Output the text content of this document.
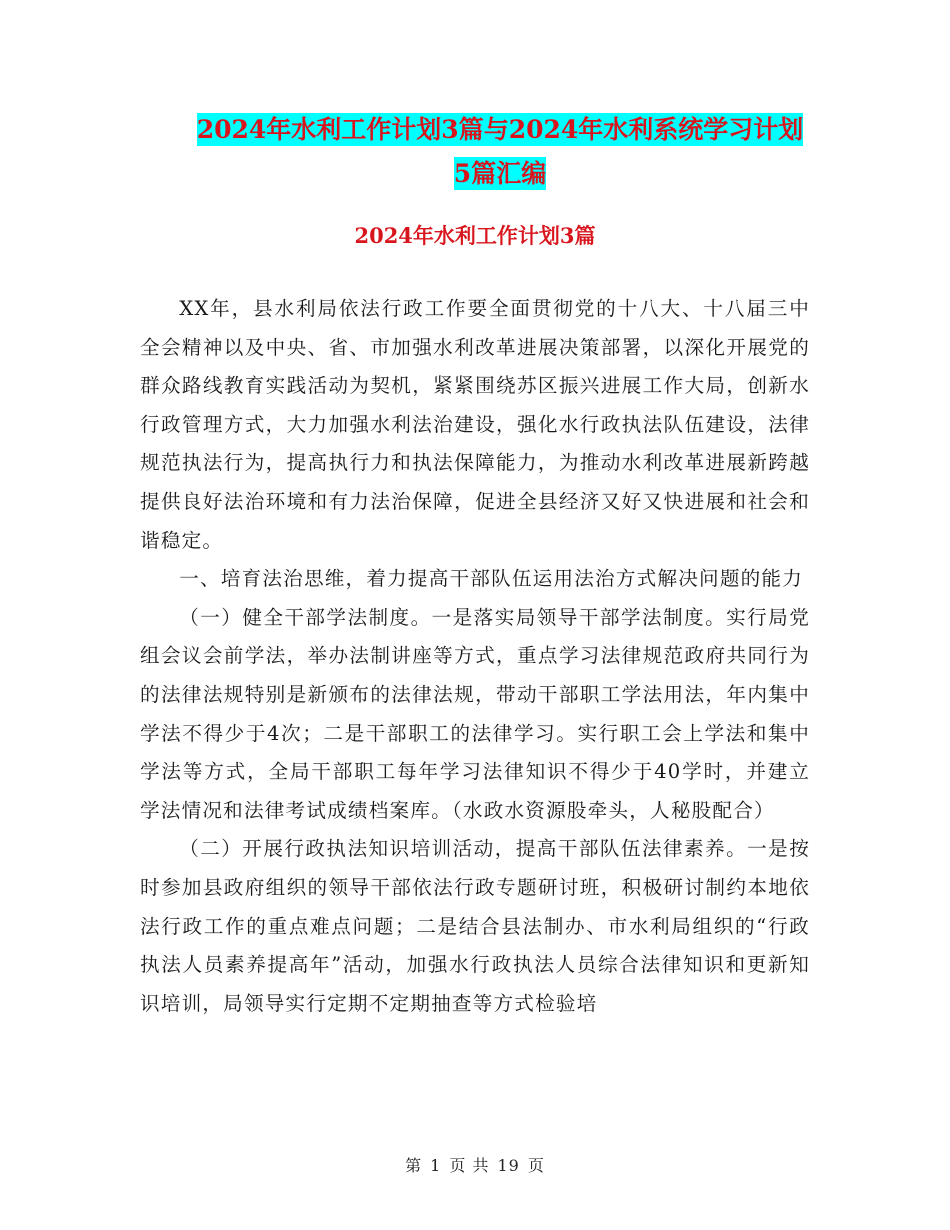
2024年水利工作计划3篇与2024年水利系统学习计划
5篇汇编
2024年水利工作计划3篇

XX年，县水利局依法行政工作要全面贯彻党的十八大、十八届三中全会精神以及中央、省、市加强水利改革进展决策部署，以深化开展党的群众路线教育实践活动为契机，紧紧围绕苏区振兴进展工作大局，创新水行政管理方式，大力加强水利法治建设，强化水行政执法队伍建设，法律规范执法行为，提高执行力和执法保障能力，为推动水利改革进展新跨越提供良好法治环境和有力法治保障，促进全县经济又好又快进展和社会和谐稳定。

一、培育法治思维，着力提高干部队伍运用法治方式解决问题的能力

（一）健全干部学法制度。一是落实局领导干部学法制度。实行局党组会议会前学法，举办法制讲座等方式，重点学习法律规范政府共同行为的法律法规特别是新颁布的法律法规，带动干部职工学法用法，年内集中学法不得少于4次；二是干部职工的法律学习。实行职工会上学法和集中学法等方式，全局干部职工每年学习法律知识不得少于40学时，并建立学法情况和法律考试成绩档案库。（水政水资源股牵头，人秘股配合）

（二）开展行政执法知识培训活动，提高干部队伍法律素养。一是按时参加县政府组织的领导干部依法行政专题研讨班，积极研讨制约本地依法行政工作的重点难点问题；二是结合县法制办、市水利局组织的“行政执法人员素养提高年”活动，加强水行政执法人员综合法律知识和更新知识培训，局领导实行定期不定期抽查等方式检验培

第 1 页 共 19 页
